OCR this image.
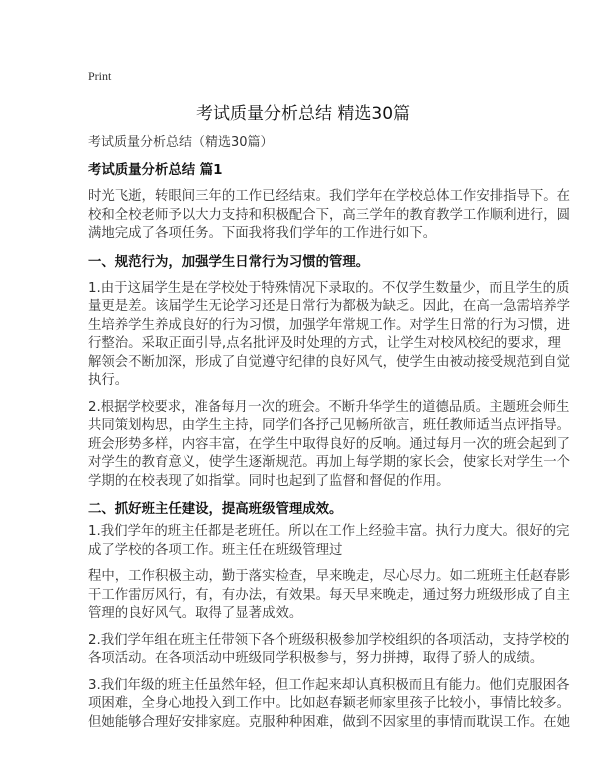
Print
考试质量分析总结 精选30篇
考试质量分析总结（精选30篇）
考试质量分析总结 篇1
时光飞逝，转眼间三年的工作已经结束。我们学年在学校总体工作安排指导下。在
校和全校老师予以大力支持和积极配合下，高三学年的教育教学工作顺利进行，圆
满地完成了各项任务。下面我将我们学年的工作进行如下。
一、规范行为，加强学生日常行为习惯的管理。
1.由于这届学生是在学校处于特殊情况下录取的。不仅学生数量少，而且学生的质
量更是差。该届学生无论学习还是日常行为都极为缺乏。因此，在高一急需培养学
生培养学生养成良好的行为习惯，加强学年常规工作。对学生日常的行为习惯，进
行整治。采取正面引导,点名批评及时处理的方式，让学生对校风校纪的要求，理
解领会不断加深，形成了自觉遵守纪律的良好风气，使学生由被动接受规范到自觉
执行。
2.根据学校要求，准备每月一次的班会。不断升华学生的道德品质。主题班会师生
共同策划构思，由学生主持，同学们各抒己见畅所欲言，班任教师适当点评指导。
班会形势多样，内容丰富，在学生中取得良好的反响。通过每月一次的班会起到了
对学生的教育意义，使学生逐渐规范。再加上每学期的家长会，使家长对学生一个
学期的在校表现了如指掌。同时也起到了监督和督促的作用。
二、抓好班主任建设，提高班级管理成效。
1.我们学年的班主任都是老班任。所以在工作上经验丰富。执行力度大。很好的完
成了学校的各项工作。班主任在班级管理过
程中，工作积极主动，勤于落实检查，早来晚走，尽心尽力。如二班班主任赵春影
干工作雷厉风行，有，有办法，有效果。每天早来晚走，通过努力班级形成了自主
管理的良好风气。取得了显著成效。
2.我们学年组在班主任带领下各个班级积极参加学校组织的各项活动，支持学校的
各项活动。在各项活动中班级同学积极参与，努力拼搏，取得了骄人的成绩。
3.我们年级的班主任虽然年轻，但工作起来却认真积极而且有能力。他们克服困各
项困难，全身心地投入到工作中。比如赵春颖老师家里孩子比较小，事情比较多。
但她能够合理好安排家庭。克服种种困难，做到不因家里的事情而耽误工作。在她
